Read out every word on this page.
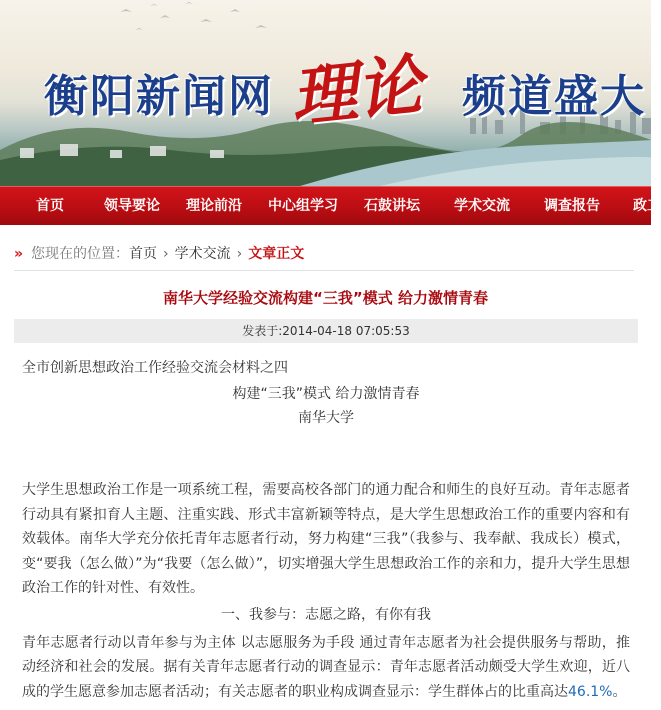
衡阳新闻网 理论 频道盛大
首页	领导要论 理论前沿 中心组学习 石鼓讲坛 学术交流 调查报告 政工
» 您现在的位置：首页 › 学术交流 › 文章正文
南华大学经验交流构建“三我”模式 给力激情青春
发表于:2014-04-18 07:05:53

全市创新思想政治工作经验交流会材料之四

构建“三我”模式 给力激情青春

南华大学

大学生思想政治工作是一项系统工程，需要高校各部门的通力配合和师生的良好互动。青年志愿者行动具有紧扣育人主题、注重实践、形式丰富新颖等特点，是大学生思想政治工作的重要内容和有效载体。南华大学充分依托青年志愿者行动，努力构建“三我”（我参与、我奉献、我成长）模式，变“要我（怎么做）”为“我要（怎么做）”，切实增强大学生思想政治工作的亲和力，提升大学生思想政治工作的针对性、有效性。

一、我参与：志愿之路，有你有我

青年志愿者行动以青年参与为主体 以志愿服务为手段 通过青年志愿者为社会提供服务与帮助，推动经济和社会的发展。据有关青年志愿者行动的调查显示：青年志愿者活动颇受大学生欢迎，近八成的学生愿意参加志愿者活动；有关志愿者的职业构成调查显示：学生群体占的比重高达46.1%。
